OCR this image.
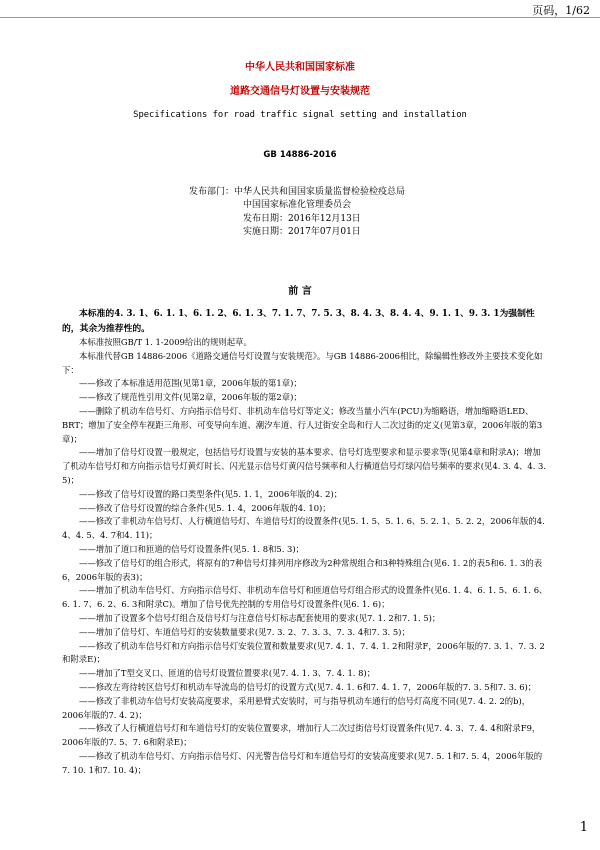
页码，1/62
中华人民共和国国家标准
道路交通信号灯设置与安装规范
Specifications for road traffic signal setting and installation
GB 14886-2016
发布部门：中华人民共和国国家质量监督检验检疫总局
中国国家标准化管理委员会
发布日期：2016年12月13日
实施日期：2017年07月01日
前 言

本标准的4. 3. 1、6. 1. 1、6. 1. 2、6. 1. 3、7. 1. 7、7. 5. 3、8. 4. 3、8. 4. 4、9. 1. 1、9. 3. 1为强制性的，其余为推荐性的。

本标准按照GB/T 1. 1-2009给出的规则起草。

本标准代替GB 14886-2006《道路交通信号灯设置与安装规范》。与GB 14886-2006相比，除编辑性修改外主要技术变化如下：

——修改了本标准适用范围(见第1章，2006年版的第1章)；

——修改了规范性引用文件(见第2章，2006年版的第2章)；

——删除了机动车信号灯、方向指示信号灯、非机动车信号灯等定义；修改当量小汽车(PCU)为缩略语，增加缩略语LED、BRT；增加了安全停车视距三角形、可变导向车道、潮汐车道、行人过街安全岛和行人二次过街的定义(见第3章，2006年版的第3章)；

——增加了信号灯设置一般规定，包括信号灯设置与安装的基本要求、信号灯选型要求和显示要求等(见第4章和附录A)；增加了机动车信号灯和方向指示信号灯黄灯时长、闪光显示信号灯黄闪信号频率和人行横道信号灯绿闪信号频率的要求(见4. 3. 4、4. 3. 5)；

——修改了信号灯设置的路口类型条件(见5. 1. 1，2006年版的4. 2)；

——修改了信号灯设置的综合条件(见5. 1. 4，2006年版的4. 10)；

——修改了非机动车信号灯、人行横道信号灯、车道信号灯的设置条件(见5. 1. 5、5. 1. 6、5. 2. 1、5. 2. 2，2006年版的4. 4、4. 5、4. 7和4. 11)；

——增加了道口和匝道的信号灯设置条件(见5. 1. 8和5. 3)；

——修改了信号灯的组合形式，将原有的7种信号灯排列用序修改为2种常规组合和3种特殊组合(见6. 1. 2的表5和6. 1. 3的表6，2006年版的表3)；

——增加了机动车信号灯、方向指示信号灯、非机动车信号灯和匝道信号灯组合形式的设置条件(见6. 1. 4、6. 1. 5、6. 1. 6、6. 1. 7、6. 2、6. 3和附录C)。增加了信号优先控制的专用信号灯设置条件(见6. 1. 6)；

——增加了设置多个信号灯组合及信号灯与注意信号灯标志配套使用的要求(见7. 1. 2和7. 1. 5)；

——增加了信号灯、车道信号灯的安装数量要求(见7. 3. 2、7. 3. 3、7. 3. 4和7. 3. 5)；

——修改了机动车信号灯和方向指示信号灯安装位置和数量要求(见7. 4. 1、7. 4. 1. 2和附录F，2006年版的7. 3. 1、7. 3. 2和附录E)；

——增加了T型交叉口、匝道的信号灯设置位置要求(见7. 4. 1. 3、7. 4. 1. 8)；

——修改左弯待转区信号灯和机动车导流岛的信号灯的设置方式(见7. 4. 1. 6和7. 4. 1. 7，2006年版的7. 3. 5和7. 3. 6)；

——修改了非机动车信号灯安装高度要求，采用悬臂式安装时，可与指导机动车通行的信号灯高度不同(见7. 4. 2. 2的b)，2006年版的7. 4. 2)；

——修改了人行横道信号灯和车道信号灯的安装位置要求，增加行人二次过街信号灯设置条件(见7. 4. 3、7. 4. 4和附录F9，2006年版的7. 5、7. 6和附录E)；

——修改了机动车信号灯、方向指示信号灯、闪光警告信号灯和车道信号灯的安装高度要求(见7. 5. 1和7. 5. 4，2006年版的7. 10. 1和7. 10. 4)；

1
